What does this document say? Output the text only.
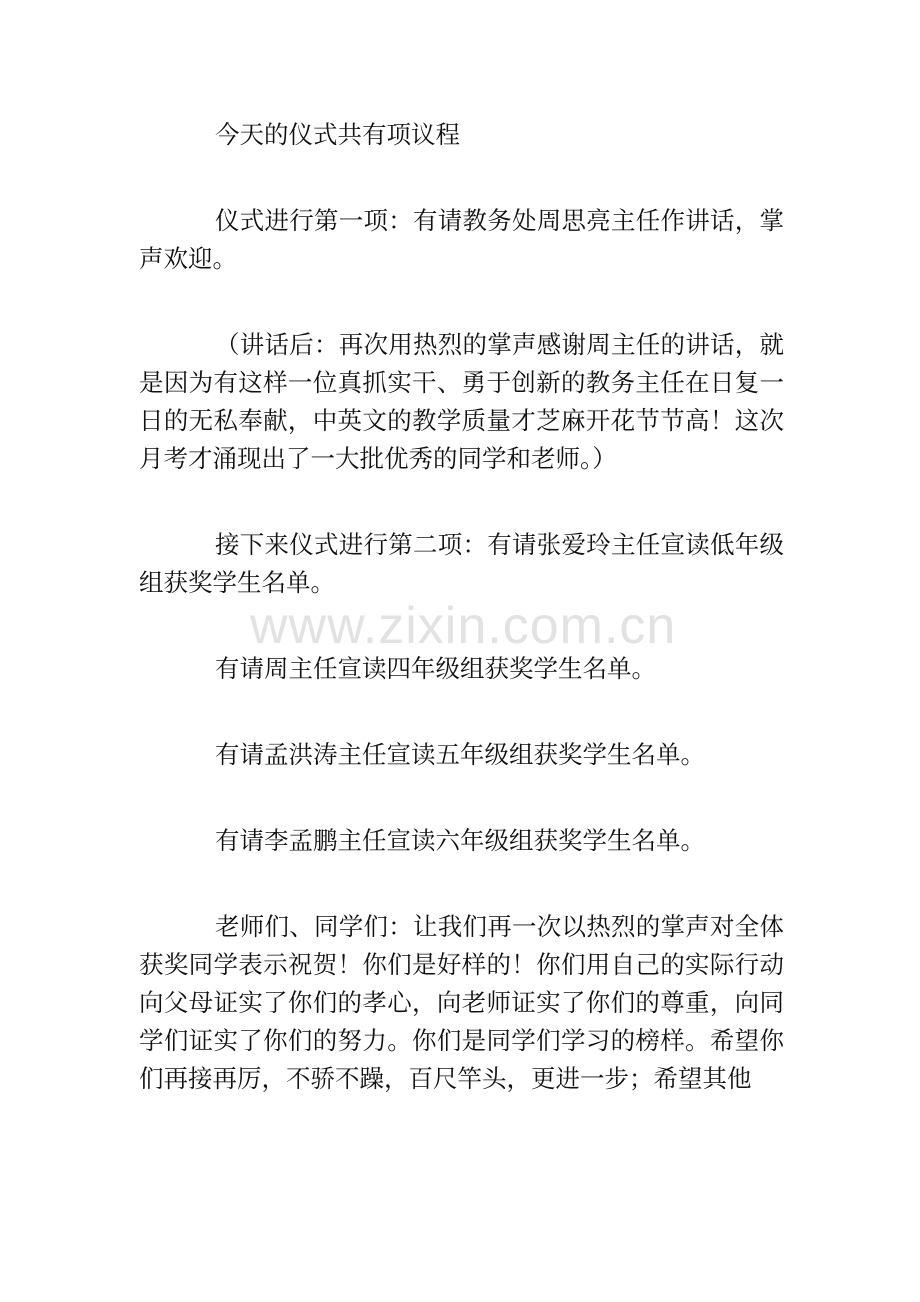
今天的仪式共有项议程

仪式进行第一项：有请教务处周思亮主任作讲话，掌声欢迎。

（讲话后：再次用热烈的掌声感谢周主任的讲话，就是因为有这样一位真抓实干、勇于创新的教务主任在日复一日的无私奉献，中英文的教学质量才芝麻开花节节高！这次月考才涌现出了一大批优秀的同学和老师。）

接下来仪式进行第二项：有请张爱玲主任宣读低年级组获奖学生名单。

有请周主任宣读四年级组获奖学生名单。

有请孟洪涛主任宣读五年级组获奖学生名单。

有请李孟鹏主任宣读六年级组获奖学生名单。

老师们、同学们：让我们再一次以热烈的掌声对全体获奖同学表示祝贺！你们是好样的！你们用自己的实际行动向父母证实了你们的孝心，向老师证实了你们的尊重，向同学们证实了你们的努力。你们是同学们学习的榜样。希望你们再接再厉，不骄不躁，百尺竿头，更进一步；希望其他

www.zixin.com.cn
